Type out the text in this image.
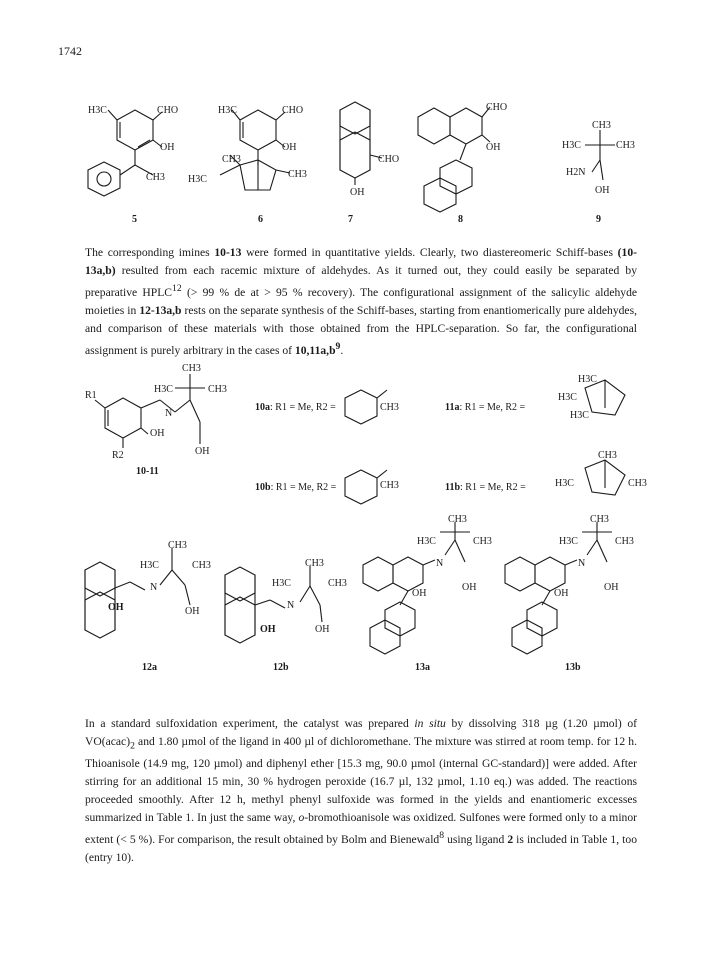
1742
H3C	CHO
OH
CH3
H3C	CHO
OH
CH3
H3C	CH3
CHO
OH
CHO
OH
CH3
H3C	CH3
H2N
OH
5	6	7	8	9

The corresponding imines 10-13 were formed in quantitative yields. Clearly, two diastereomeric Schiff-bases (10-13a,b) resulted from each racemic mixture of aldehydes. As it turned out, they could easily be separated by preparative HPLC$^{12}$ (> 99 % de at > 95 % recovery). The configurational assignment of the salicylic aldehyde moieties in 12-13a,b rests on the separate synthesis of the Schiff-bases, starting from enantiomerically pure aldehydes, and comparison of these materials with those obtained from the HPLC-separation. So far, the configurational assignment is purely arbitrary in the cases of $10,11a,b^9$.

CH3
H3C	CH3
R1
N
OH
OH
R2
10-11
10a: R1 = Me, R2 =	CH3
10b: R1 = Me, R2 =	CH3
11a: R1 = Me, R2 =
H3C
11b: R1 = Me, R2 =	CH3
H3C
H3C
CH3
H3C
CH3
H3C	CH3
N
OH	OH
CH3
H3C	CH3
N
OH	OH
CH3
H3C	CH3
N
OH
OH
CH3
H3C	CH3
N
OH
OH
12a	12b	13a	13b

In a standard sulfoxidation experiment, the catalyst was prepared in situ by dissolving 318 µg (1.20 µmol) of $VO(acac)_2$ and 1.80 µmol of the ligand in 400 µl of dichloromethane. The mixture was stirred at room temp. for 12 h. Thioanisole (14.9 mg, 120 µmol) and diphenyl ether [15.3 mg, 90.0 µmol (internal GC-standard)] were added. After stirring for an additional 15 min, 30 % hydrogen peroxide (16.7 µl, 132 µmol, 1.10 eq.) was added. The reactions proceeded smoothly. After 12 h, methyl phenyl sulfoxide was formed in the yields and enantiomeric excesses summarized in Table 1. In just the same way, o-bromothioanisole was oxidized. Sulfones were formed only to a minor extent (< 5 %). For comparison, the result obtained by Bolm and Bienewald$^8$ using ligand 2 is included in Table 1, too (entry 10).
